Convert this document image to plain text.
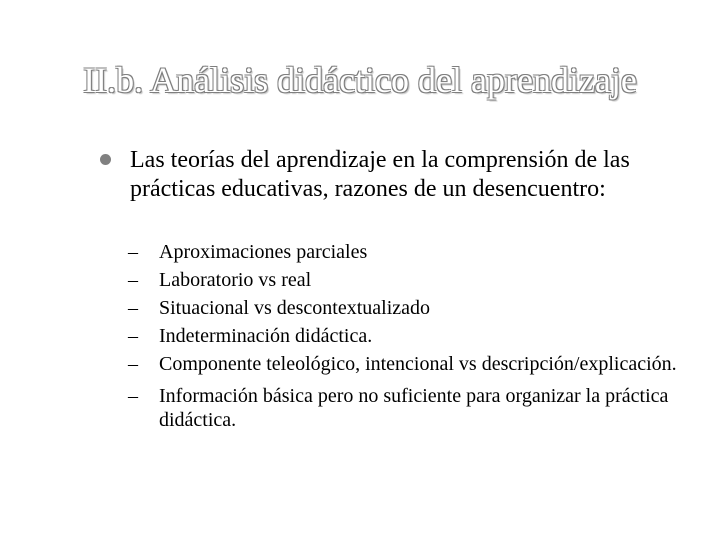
II.b. Análisis didáctico del aprendizaje
Las teorías del aprendizaje en la comprensión de las prácticas educativas, razones de un desencuentro:
– Aproximaciones parciales
– Laboratorio vs real
– Situacional vs descontextualizado
– Indeterminación didáctica.
– Componente teleológico, intencional vs descripción/explicación.
– Información básica pero no suficiente para organizar la práctica didáctica.
